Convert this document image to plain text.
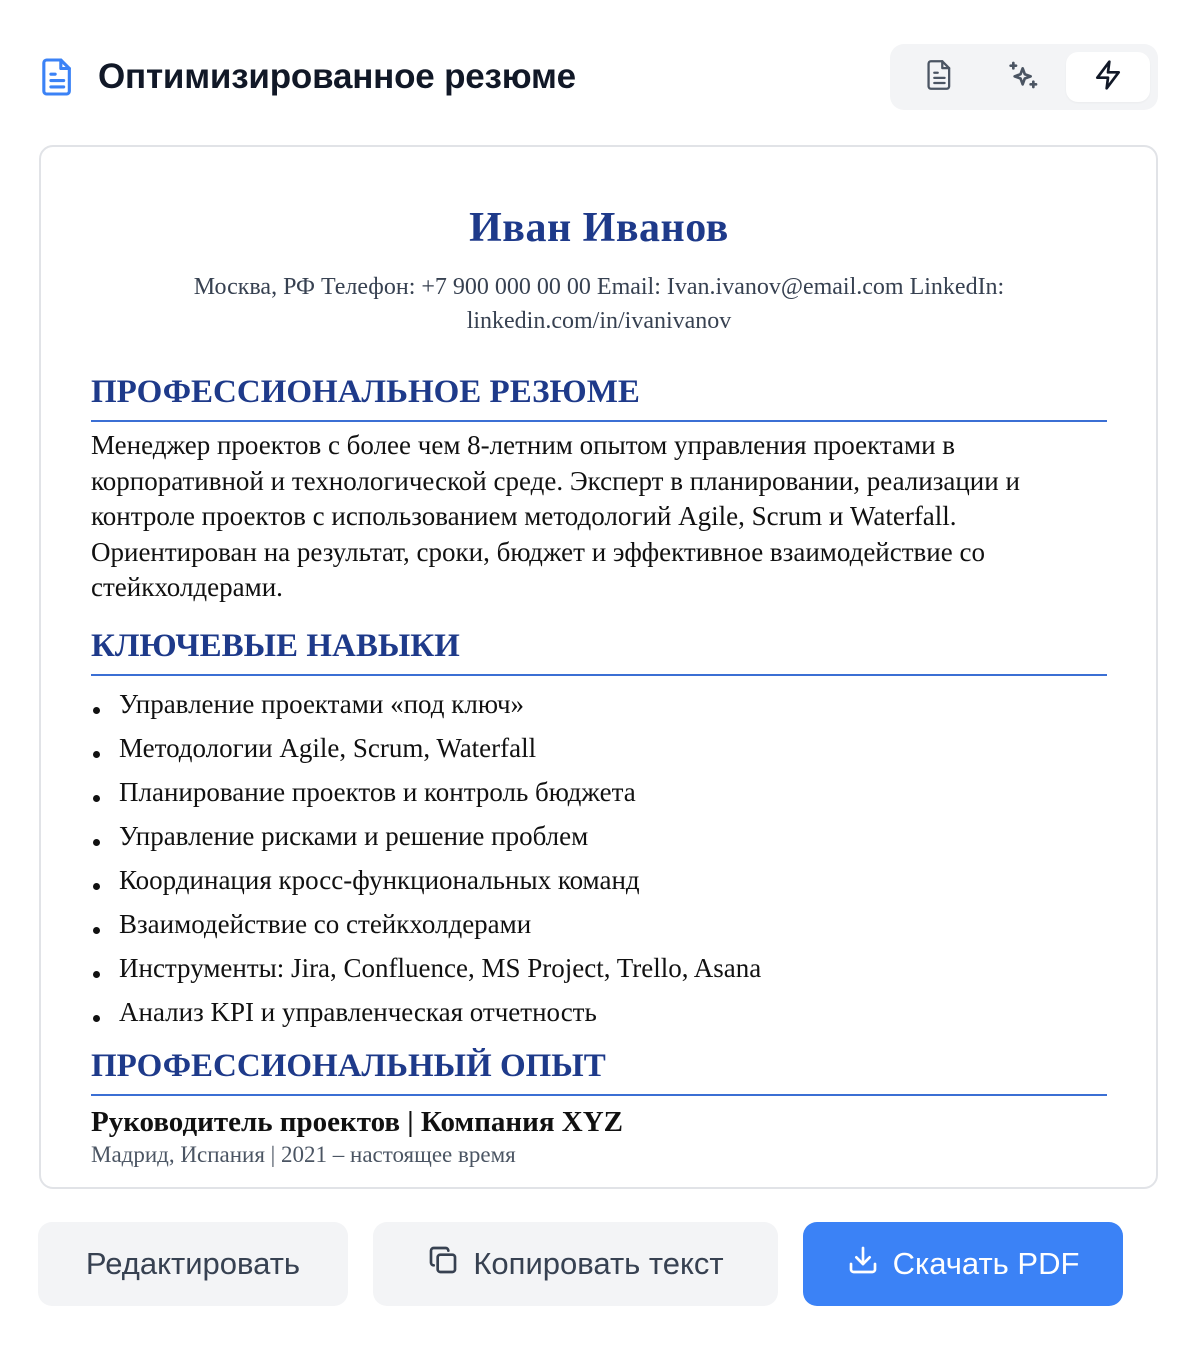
Оптимизированное резюме
Иван Иванов
Москва, РФ Телефон: +7 900 000 00 00 Email: Ivan.ivanov@email.com LinkedIn: linkedin.com/in/ivanivanov
ПРОФЕССИОНАЛЬНОЕ РЕЗЮМЕ

Менеджер проектов с более чем 8-летним опытом управления проектами в корпоративной и технологической среде. Эксперт в планировании, реализации и контроле проектов с использованием методологий Agile, Scrum и Waterfall. Ориентирован на результат, сроки, бюджет и эффективное взаимодействие со стейкхолдерами.

КЛЮЧЕВЫЕ НАВЫКИ
Управление проектами «под ключ»
Методологии Agile, Scrum, Waterfall
Планирование проектов и контроль бюджета
Управление рисками и решение проблем
Координация кросс-функциональных команд
Взаимодействие со стейкхолдерами
Инструменты: Jira, Confluence, MS Project, Trello, Asana
Анализ KPI и управленческая отчетность
ПРОФЕССИОНАЛЬНЫЙ ОПЫТ
Руководитель проектов | Компания XYZ
Мадрид, Испания | 2021 – настоящее время
Редактировать	Копировать текст	Скачать PDF
